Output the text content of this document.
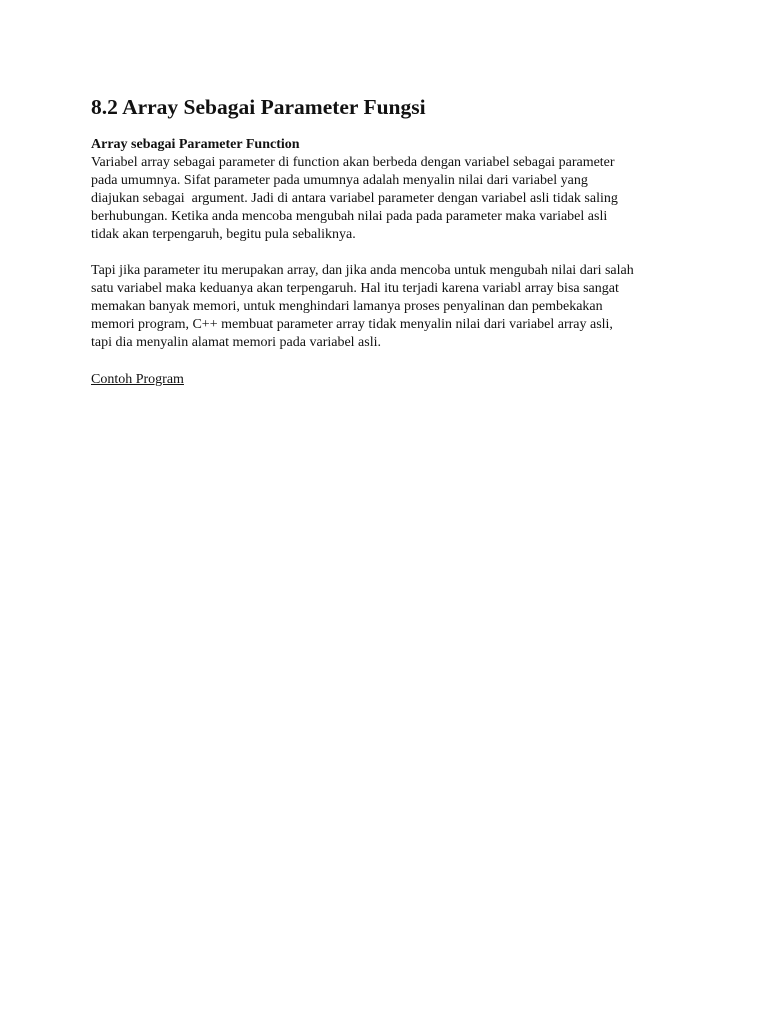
8.2 Array Sebagai Parameter Fungsi

Array sebagai Parameter Function

Variabel array sebagai parameter di function akan berbeda dengan variabel sebagai parameter
pada umumnya. Sifat parameter pada umumnya adalah menyalin nilai dari variabel yang
diajukan sebagai  argument. Jadi di antara variabel parameter dengan variabel asli tidak saling
berhubungan. Ketika anda mencoba mengubah nilai pada pada parameter maka variabel asli
tidak akan terpengaruh, begitu pula sebaliknya.

Tapi jika parameter itu merupakan array, dan jika anda mencoba untuk mengubah nilai dari salah
satu variabel maka keduanya akan terpengaruh. Hal itu terjadi karena variabl array bisa sangat
memakan banyak memori, untuk menghindari lamanya proses penyalinan dan pembekakan
memori program, C++ membuat parameter array tidak menyalin nilai dari variabel array asli,
tapi dia menyalin alamat memori pada variabel asli.

Contoh Program
